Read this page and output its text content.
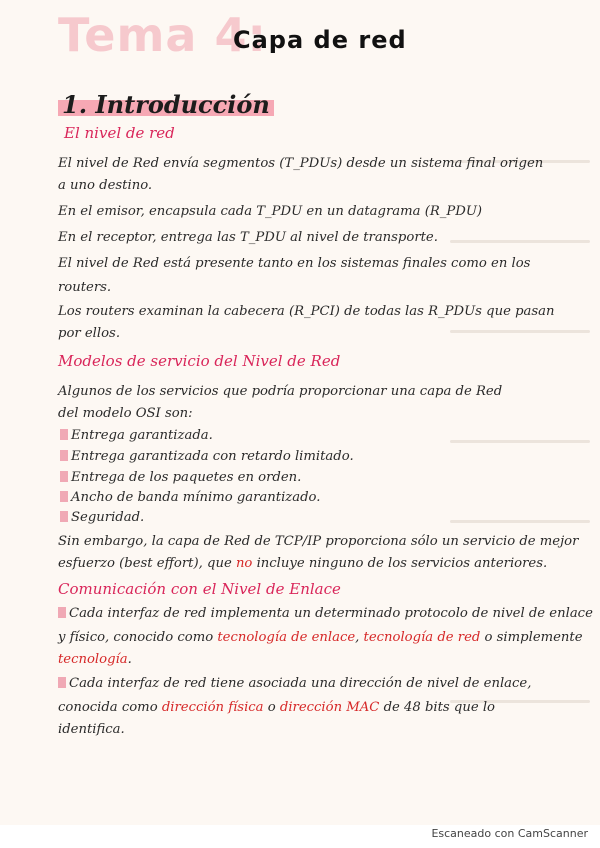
Tema 4:
Capa de red
1. Introducción
El nivel de red
El nivel de Red envía segmentos (T_PDUs) desde un sistema final origen
a uno destino.
En el emisor, encapsula cada T_PDU en un datagrama (R_PDU)
En el receptor, entrega las T_PDU al nivel de transporte.
El nivel de Red está presente tanto en los sistemas finales como en los
routers.
Los routers examinan la cabecera (R_PCI) de todas las R_PDUs que pasan
por ellos.
Modelos de servicio del Nivel de Red
Algunos de los servicios que podría proporcionar una capa de Red
del modelo OSI son:
Entrega garantizada.
Entrega garantizada con retardo limitado.
Entrega de los paquetes en orden.
Ancho de banda mínimo garantizado.
Seguridad.
Sin embargo, la capa de Red de TCP/IP proporciona sólo un servicio de mejor
esfuerzo (best effort), que no incluye ninguno de los servicios anteriores.
Comunicación con el Nivel de Enlace
Cada interfaz de red implementa un determinado protocolo de nivel de enlace
y físico, conocido como tecnología de enlace, tecnología de red o simplemente
tecnología.
Cada interfaz de red tiene asociada una dirección de nivel de enlace,
conocida como dirección física o dirección MAC de 48 bits que lo
identifica.
Escaneado con CamScanner
